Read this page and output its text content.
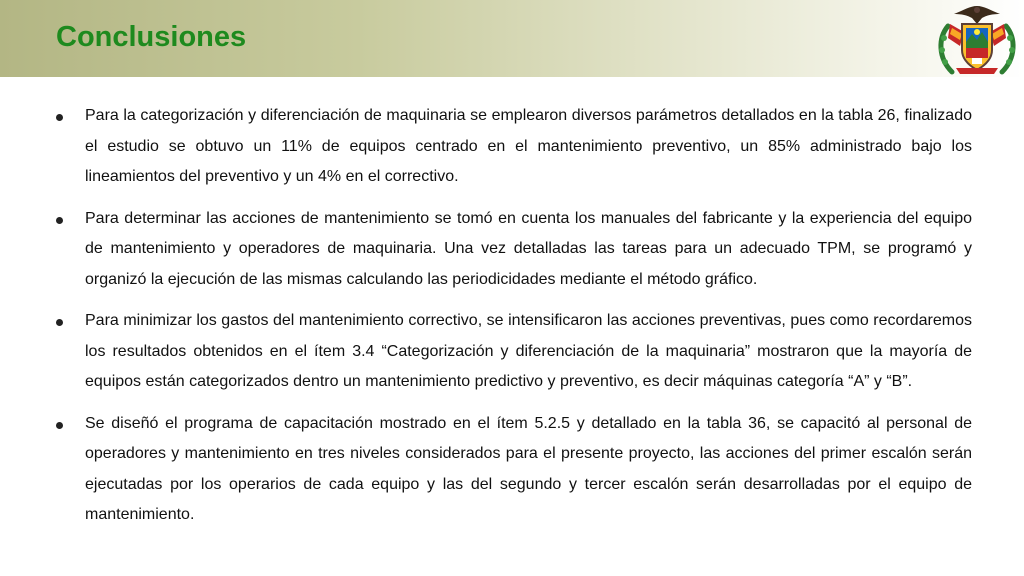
Conclusiones
Para la categorización y diferenciación de maquinaria se emplearon diversos parámetros detallados en la tabla 26, finalizado el estudio se obtuvo un 11% de equipos centrado en el mantenimiento preventivo, un 85% administrado bajo los lineamientos del preventivo y un 4% en el correctivo.
Para determinar las acciones de mantenimiento se tomó en cuenta los manuales del fabricante y la experiencia del equipo de mantenimiento y operadores de maquinaria. Una vez detalladas las tareas para un adecuado TPM, se programó y organizó la ejecución de las mismas calculando las periodicidades mediante el método gráfico.
Para minimizar los gastos del mantenimiento correctivo, se intensificaron las acciones preventivas, pues como recordaremos los resultados obtenidos en el ítem 3.4 “Categorización y diferenciación de la maquinaria” mostraron que la mayoría de equipos están categorizados dentro un mantenimiento predictivo y preventivo, es decir máquinas categoría “A” y “B”.
Se diseñó el programa de capacitación mostrado en el ítem 5.2.5 y detallado en la tabla 36, se capacitó al personal de operadores y mantenimiento en tres niveles considerados para el presente proyecto, las acciones del primer escalón serán ejecutadas por los operarios de cada equipo y las del segundo y tercer escalón serán desarrolladas por el equipo de mantenimiento.
